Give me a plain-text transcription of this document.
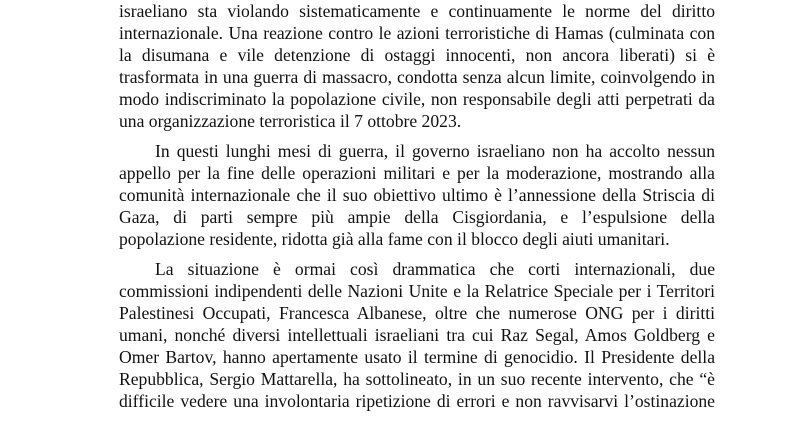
israeliano sta violando sistematicamente e continuamente le norme del diritto
internazionale. Una reazione contro le azioni terroristiche di Hamas (culminata con
la disumana e vile detenzione di ostaggi innocenti, non ancora liberati) si è
trasformata in una guerra di massacro, condotta senza alcun limite, coinvolgendo in
modo indiscriminato la popolazione civile, non responsabile degli atti perpetrati da
una organizzazione terroristica il 7 ottobre 2023.
In questi lunghi mesi di guerra, il governo israeliano non ha accolto nessun
appello per la fine delle operazioni militari e per la moderazione, mostrando alla
comunità internazionale che il suo obiettivo ultimo è l’annessione della Striscia di
Gaza, di parti sempre più ampie della Cisgiordania, e l’espulsione della
popolazione residente, ridotta già alla fame con il blocco degli aiuti umanitari.
La situazione è ormai così drammatica che corti internazionali, due
commissioni indipendenti delle Nazioni Unite e la Relatrice Speciale per i Territori
Palestinesi Occupati, Francesca Albanese, oltre che numerose ONG per i diritti
umani, nonché diversi intellettuali israeliani tra cui Raz Segal, Amos Goldberg e
Omer Bartov, hanno apertamente usato il termine di genocidio. Il Presidente della
Repubblica, Sergio Mattarella, ha sottolineato, in un suo recente intervento, che “è
difficile vedere una involontaria ripetizione di errori e non ravvisarvi l’ostinazione
